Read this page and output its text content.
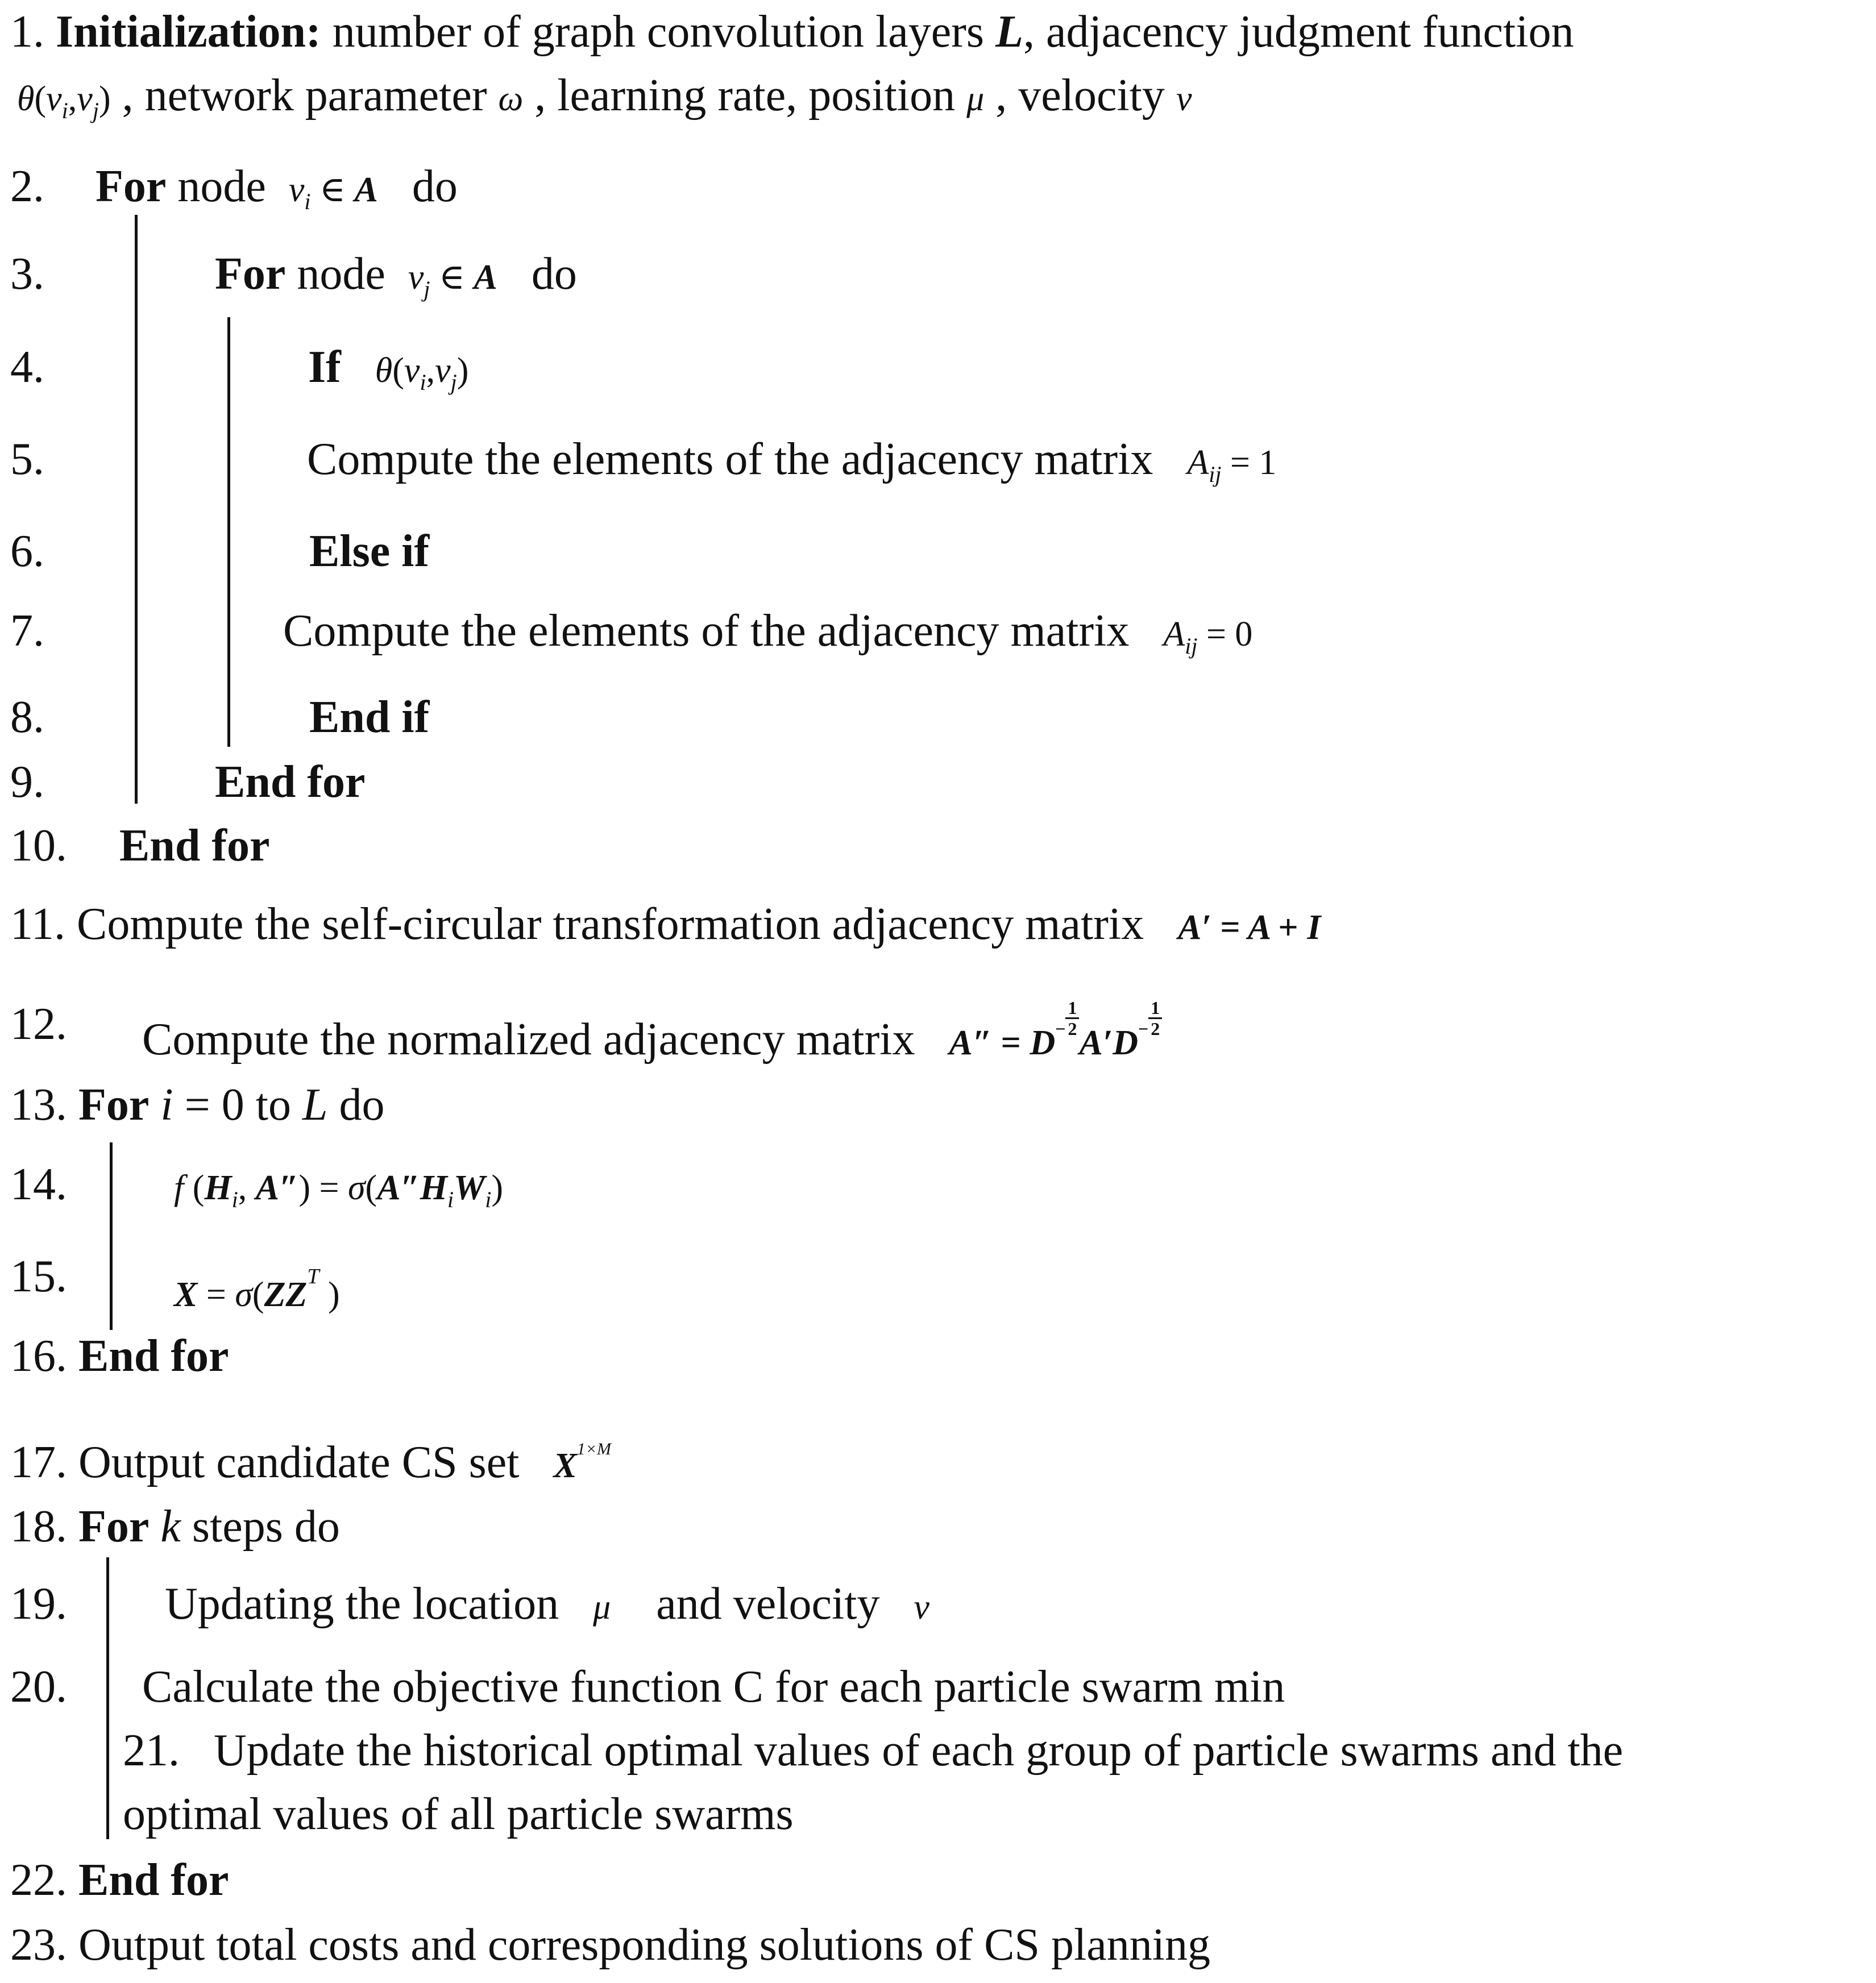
1. Initialization: number of graph convolution layers L, adjacency judgment function
$\theta(v_i,v_j)$ , network parameter ω , learning rate, position μ , velocity v
2. For node  $v_i$ ∈ A do
3.	For node  $v_j$ ∈ A do
4.	If $\theta(v_i,v_j)$
5.	Compute the elements of the adjacency matrix   $A_{ij} = 1$
6.	Else if
7.	Compute the elements of the adjacency matrix   $A_{ij} = 0$
8.	End if
9.	End for
10. End for
11. Compute the self-circular transformation adjacency matrix   A′ = A + I
12. Compute the normalized adjacency matrix   $A'' = D - \frac{1}{2}$
$A'D - \frac{1}{2}$
13. For i = 0 to L do
14.	f ($H_i$, $A'') = \sigma(A''H_iW_i)$
15.	$X = \sigma(ZZ^T$ )
16. End for
17. Output candidate CS set   $X^{1\times M}$
18. For k steps do
19. Updating the location   μ    and velocity   v
20. Calculate the objective function C for each particle swarm min
21. Update the historical optimal values of each group of particle swarms and the
optimal values of all particle swarms
22. End for
23. Output total costs and corresponding solutions of CS planning
